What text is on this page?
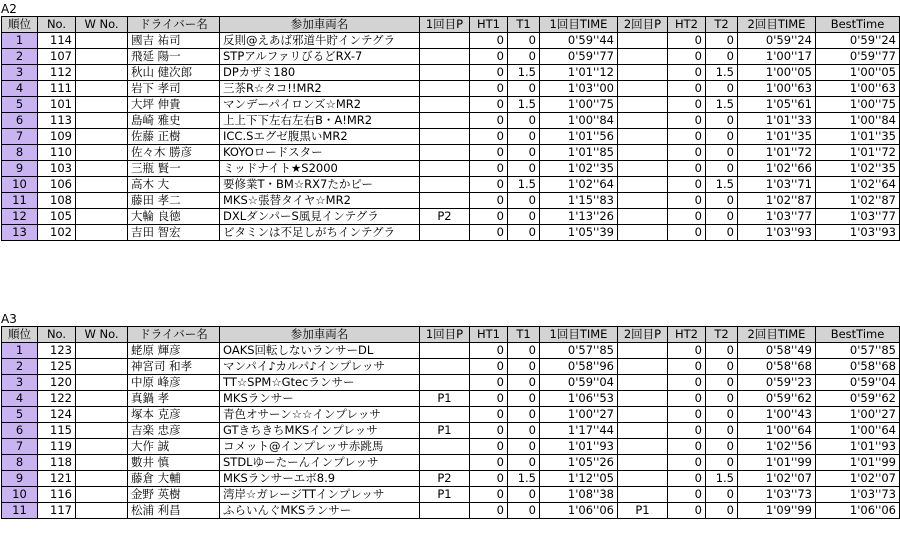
A2
順位	No.	W No.	ドライバー名	参加車両名	1回目P	HT1	T1	1回目TIME	2回目P	HT2	T2	2回目TIME	BestTime
1	114		國吉 祐司	反則@えあば邪道牛貯インテグラ		0	0	0'59''44		0	0	0'59''24	0'59''24
2	107		飛延 陽一	STPアルファリびるどRX-7		0	0	0'59''77		0	0	1'00''17	0'59''77
3	112		秋山 健次郎	DPカザミ180		0	1.5	1'01''12		0	1.5	1'00''05	1'00''05
4	111		岩下 孝司	三茶R☆タコ!!MR2		0	0	1'03''00		0	0	1'00''63	1'00''63
5	101		大坪 伸貴	マンデーパイロンズ☆MR2		0	1.5	1'00''75		0	1.5	1'05''61	1'00''75
6	113		島崎 雅史	上上下下左右左右B・A!MR2		0	0	1'00''84		0	0	1'01''33	1'00''84
7	109		佐藤 正樹	ICC.Sエグゼ腹黒いMR2		0	0	1'01''56		0	0	1'01''35	1'01''35
8	110		佐々木 勝彦	KOYOロードスター		0	0	1'01''85		0	0	1'01''72	1'01''72
9	103		三瓶 賢一	ミッドナイト★S2000		0	0	1'02''35		0	0	1'02''66	1'02''35
10	106		高木 大	要修業T・BM☆RX7たかピー		0	1.5	1'02''64		0	1.5	1'03''71	1'02''64
11	108		藤田 孝二	MKS☆張替タイヤ☆MR2		0	0	1'15''83		0	0	1'02''87	1'02''87
12	105		大輪 良徳	DXLダンパーS風見インテグラ	P2	0	0	1'13''26		0	0	1'03''77	1'03''77
13	102		吉田 智宏	ビタミンは不足しがちインテグラ		0	0	1'05''39		0	0	1'03''93	1'03''93
A3
順位	No.	W No.	ドライバー名	参加車両名	1回目P	HT1	T1	1回目TIME	2回目P	HT2	T2	2回目TIME	BestTime
1	123		蛯原 輝彦	OAKS回転しないランサーDL		0	0	0'57''85		0	0	0'58''49	0'57''85
2	125		神宮司 和孝	マンパイ♪カルパ♪インプレッサ		0	0	0'58''96		0	0	0'58''68	0'58''68
3	120		中原 峰彦	TT☆SPM☆Gtecランサー		0	0	0'59''04		0	0	0'59''23	0'59''04
4	122		真鍋 孝	MKSランサー	P1	0	0	1'06''53		0	0	0'59''62	0'59''62
5	124		塚本 克彦	青色オサーン☆☆インプレッサ		0	0	1'00''27		0	0	1'00''43	1'00''27
6	115		吉楽 忠彦	GTきちきちMKSインプレッサ	P1	0	0	1'17''44		0	0	1'00''64	1'00''64
7	119		大作 誠	コメット@インプレッサ赤跳馬		0	0	1'01''93		0	0	1'02''56	1'01''93
8	118		數井 慎	STDLゆーたーんインプレッサ		0	0	1'05''26		0	0	1'01''99	1'01''99
9	121		藤倉 大輔	MKSランサーエボ8.9	P2	0	1.5	1'12''05		0	1.5	1'02''07	1'02''07
10	116		金野 英樹	湾岸☆ガレージTTインプレッサ	P1	0	0	1'08''38		0	0	1'03''73	1'03''73
11	117		松浦 利昌	ふらいんぐMKSランサー		0	0	1'06''06	P1	0	0	1'09''99	1'06''06
